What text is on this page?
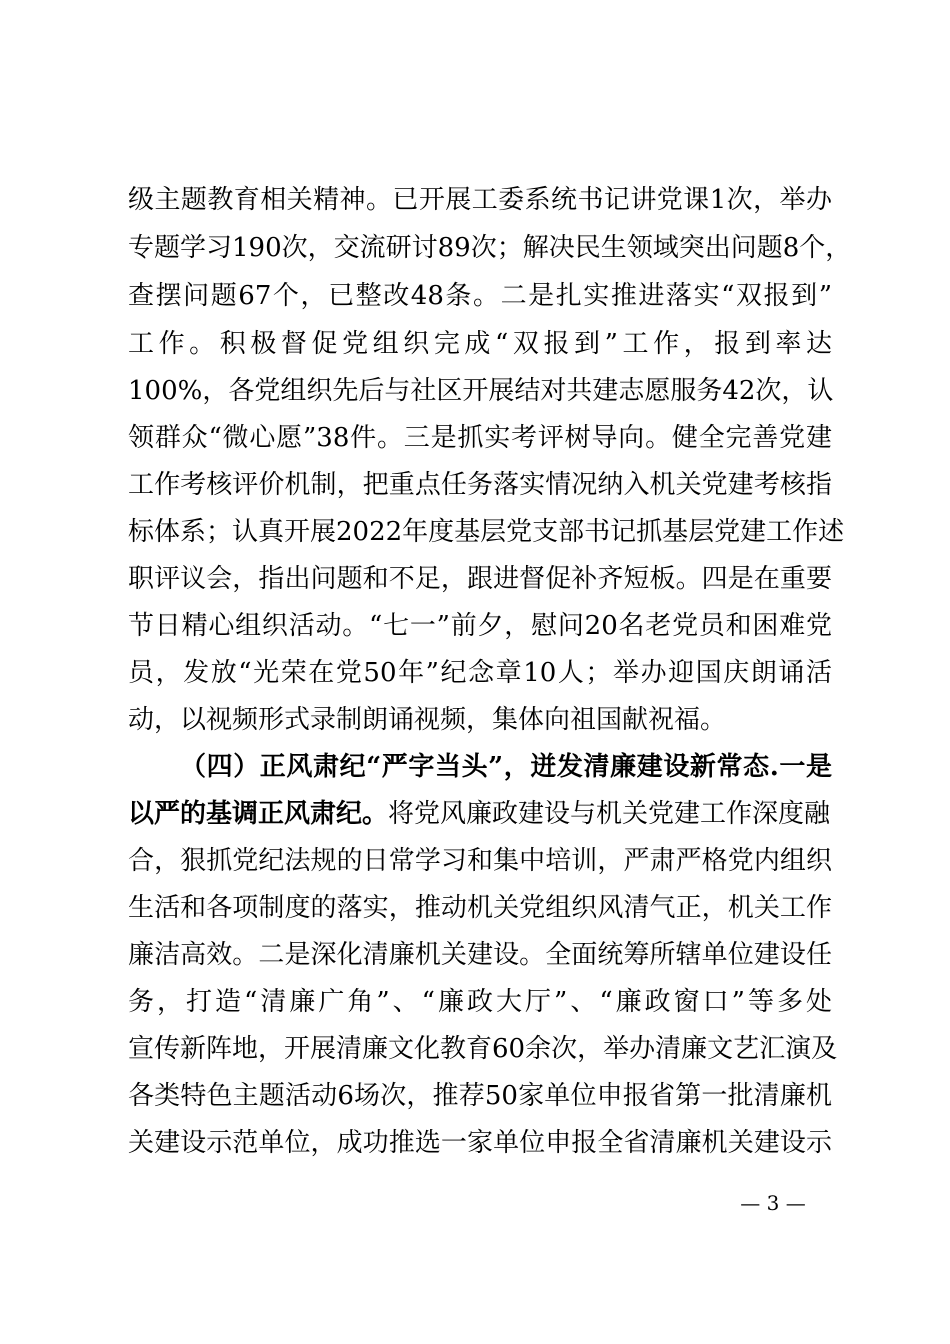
级主题教育相关精神。已开展工委系统书记讲党课1次，举办
专题学习190次，交流研讨89次；解决民生领域突出问题8个，
查摆问题67个，已整改48条。二是扎实推进落实“双报到”
工作。积极督促党组织完成“双报到”工作，报到率达
100%，各党组织先后与社区开展结对共建志愿服务42次，认
领群众“微心愿”38件。三是抓实考评树导向。健全完善党建
工作考核评价机制，把重点任务落实情况纳入机关党建考核指
标体系；认真开展2022年度基层党支部书记抓基层党建工作述
职评议会，指出问题和不足，跟进督促补齐短板。四是在重要
节日精心组织活动。“七一”前夕，慰问20名老党员和困难党
员，发放“光荣在党50年”纪念章10人；举办迎国庆朗诵活
动，以视频形式录制朗诵视频，集体向祖国献祝福。
（四）正风肃纪“严字当头”，迸发清廉建设新常态.一是
以严的基调正风肃纪。将党风廉政建设与机关党建工作深度融
合，狠抓党纪法规的日常学习和集中培训，严肃严格党内组织
生活和各项制度的落实，推动机关党组织风清气正，机关工作
廉洁高效。二是深化清廉机关建设。全面统筹所辖单位建设任
务，打造“清廉广角”、“廉政大厅”、“廉政窗口”等多处
宣传新阵地，开展清廉文化教育60余次，举办清廉文艺汇演及
各类特色主题活动6场次，推荐50家单位申报省第一批清廉机
关建设示范单位，成功推选一家单位申报全省清廉机关建设示
— 3 —
